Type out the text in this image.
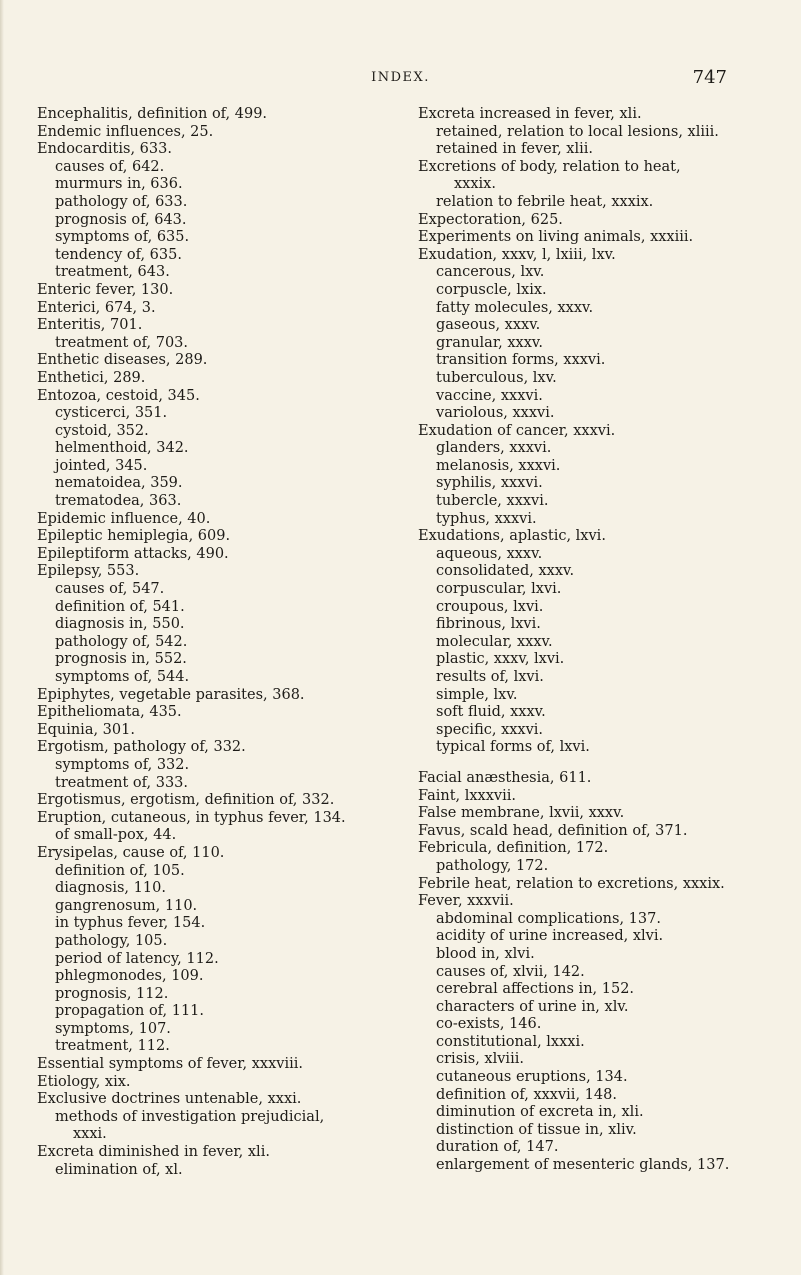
INDEX.	747
Encephalitis, definition of, 499.
Endemic influences, 25.
Endocarditis, 633.
causes of, 642.
murmurs in, 636.
pathology of, 633.
prognosis of, 643.
symptoms of, 635.
tendency of, 635.
treatment, 643.
Enteric fever, 130.
Enterici, 674, 3.
Enteritis, 701.
treatment of, 703.
Enthetic diseases, 289.
Enthetici, 289.
Entozoa, cestoid, 345.
cysticerci, 351.
cystoid, 352.
helmenthoid, 342.
jointed, 345.
nematoidea, 359.
trematodea, 363.
Epidemic influence, 40.
Epileptic hemiplegia, 609.
Epileptiform attacks, 490.
Epilepsy, 553.
causes of, 547.
definition of, 541.
diagnosis in, 550.
pathology of, 542.
prognosis in, 552.
symptoms of, 544.
Epiphytes, vegetable parasites, 368.
Epitheliomata, 435.
Equinia, 301.
Ergotism, pathology of, 332.
symptoms of, 332.
treatment of, 333.
Ergotismus, ergotism, definition of, 332.
Eruption, cutaneous, in typhus fever, 134.
of small-pox, 44.
Erysipelas, cause of, 110.
definition of, 105.
diagnosis, 110.
gangrenosum, 110.
in typhus fever, 154.
pathology, 105.
period of latency, 112.
phlegmonodes, 109.
prognosis, 112.
propagation of, 111.
symptoms, 107.
treatment, 112.
Essential symptoms of fever, xxxviii.
Etiology, xix.
Exclusive doctrines untenable, xxxi.
methods of investigation prejudicial,
xxxi.
Excreta diminished in fever, xli.
elimination of, xl.
Excreta increased in fever, xli.
retained, relation to local lesions, xliii.
retained in fever, xlii.
Excretions of body, relation to heat,
xxxix.
relation to febrile heat, xxxix.
Expectoration, 625.
Experiments on living animals, xxxiii.
Exudation, xxxv, l, lxiii, lxv.
cancerous, lxv.
corpuscle, lxix.
fatty molecules, xxxv.
gaseous, xxxv.
granular, xxxv.
transition forms, xxxvi.
tuberculous, lxv.
vaccine, xxxvi.
variolous, xxxvi.
Exudation of cancer, xxxvi.
glanders, xxxvi.
melanosis, xxxvi.
syphilis, xxxvi.
tubercle, xxxvi.
typhus, xxxvi.
Exudations, aplastic, lxvi.
aqueous, xxxv.
consolidated, xxxv.
corpuscular, lxvi.
croupous, lxvi.
fibrinous, lxvi.
molecular, xxxv.
plastic, xxxv, lxvi.
results of, lxvi.
simple, lxv.
soft fluid, xxxv.
specific, xxxvi.
typical forms of, lxvi.
Facial anæsthesia, 611.
Faint, lxxxvii.
False membrane, lxvii, xxxv.
Favus, scald head, definition of, 371.
Febricula, definition, 172.
pathology, 172.
Febrile heat, relation to excretions, xxxix.
Fever, xxxvii.
abdominal complications, 137.
acidity of urine increased, xlvi.
blood in, xlvi.
causes of, xlvii, 142.
cerebral affections in, 152.
characters of urine in, xlv.
co-exists, 146.
constitutional, lxxxi.
crisis, xlviii.
cutaneous eruptions, 134.
definition of, xxxvii, 148.
diminution of excreta in, xli.
distinction of tissue in, xliv.
duration of, 147.
enlargement of mesenteric glands, 137.
